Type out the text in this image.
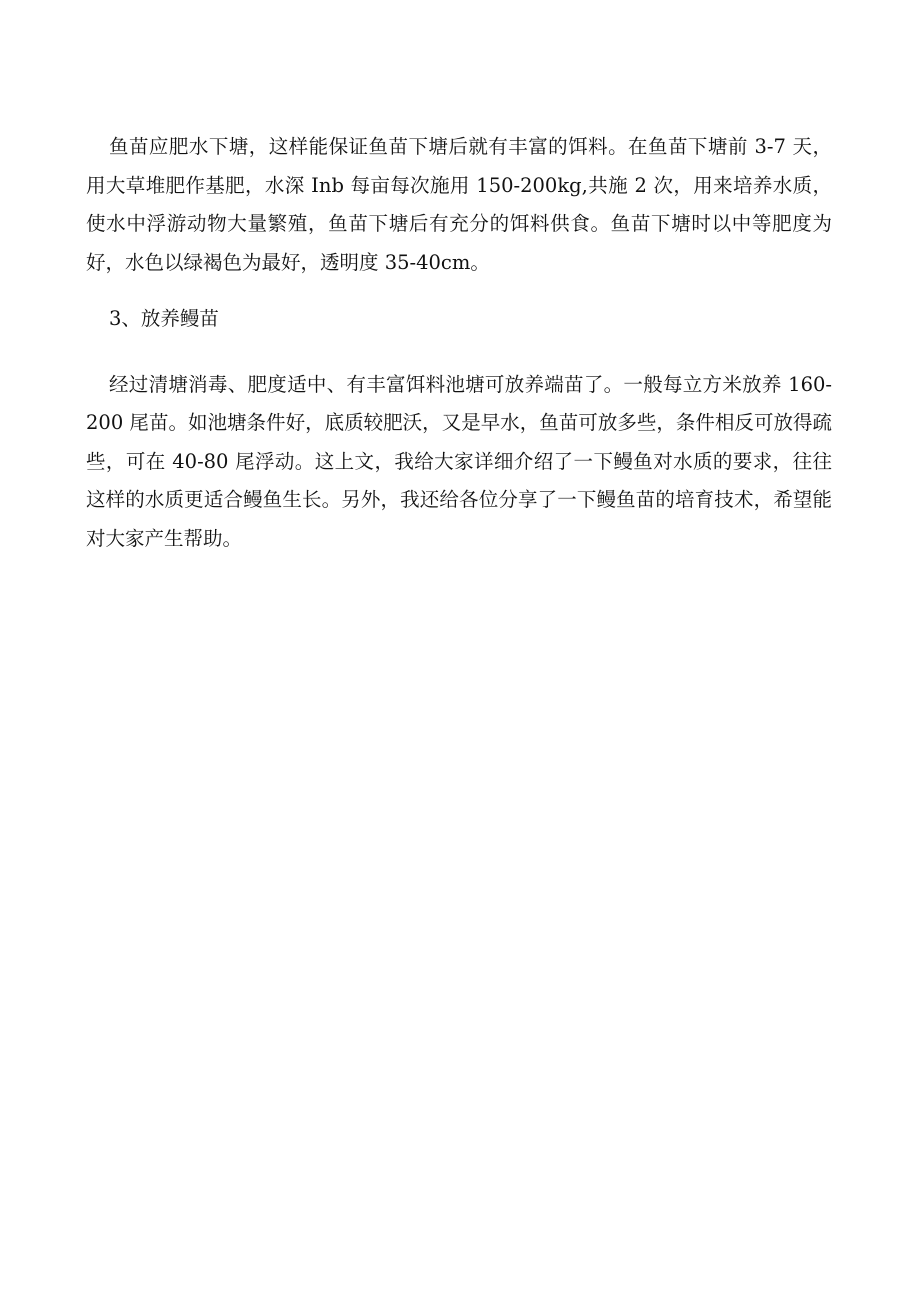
鱼苗应肥水下塘，这样能保证鱼苗下塘后就有丰富的饵料。在鱼苗下塘前 3-7 天，用大草堆肥作基肥，水深 Inb 每亩每次施用 150-200kg,共施 2 次，用来培养水质，使水中浮游动物大量繁殖，鱼苗下塘后有充分的饵料供食。鱼苗下塘时以中等肥度为好，水色以绿褐色为最好，透明度 35-40cm。

3、放养鳗苗

经过清塘消毒、肥度适中、有丰富饵料池塘可放养端苗了。一般每立方米放养 160-200 尾苗。如池塘条件好，底质较肥沃，又是早水，鱼苗可放多些，条件相反可放得疏些，可在 40-80 尾浮动。这上文，我给大家详细介绍了一下鳗鱼对水质的要求，往往这样的水质更适合鳗鱼生长。另外，我还给各位分享了一下鳗鱼苗的培育技术，希望能对大家产生帮助。
